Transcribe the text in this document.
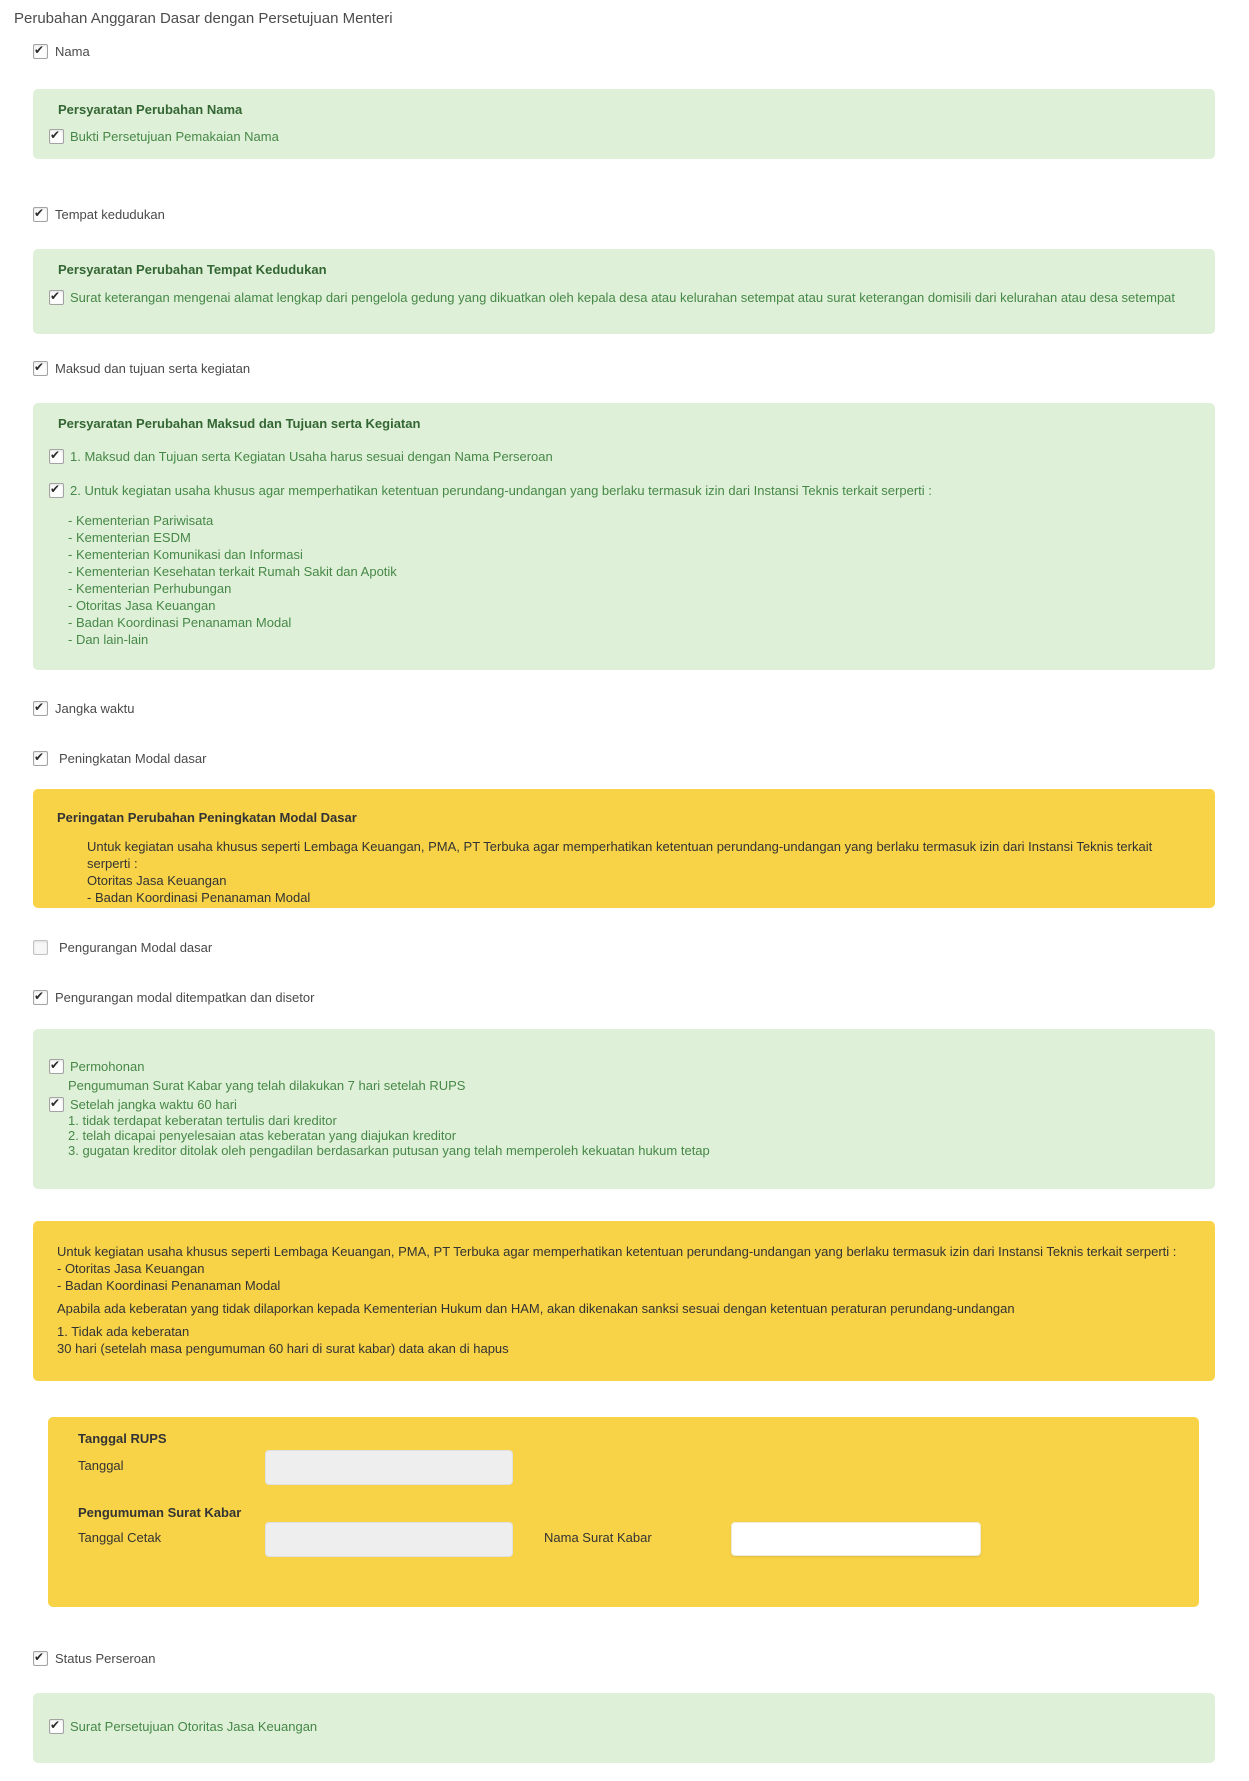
Perubahan Anggaran Dasar dengan Persetujuan Menteri
✔
Nama
Persyaratan Perubahan Nama
✔
Bukti Persetujuan Pemakaian Nama
✔
Tempat kedudukan
Persyaratan Perubahan Tempat Kedudukan
✔
Surat keterangan mengenai alamat lengkap dari pengelola gedung yang dikuatkan oleh kepala desa atau kelurahan setempat atau surat keterangan domisili dari kelurahan atau desa setempat
✔
Maksud dan tujuan serta kegiatan
Persyaratan Perubahan Maksud dan Tujuan serta Kegiatan
✔
1. Maksud dan Tujuan serta Kegiatan Usaha harus sesuai dengan Nama Perseroan
✔
2. Untuk kegiatan usaha khusus agar memperhatikan ketentuan perundang-undangan yang berlaku termasuk izin dari Instansi Teknis terkait serperti :

- Kementerian Pariwisata

- Kementerian ESDM

- Kementerian Komunikasi dan Informasi

- Kementerian Kesehatan terkait Rumah Sakit dan Apotik

- Kementerian Perhubungan

- Otoritas Jasa Keuangan

- Badan Koordinasi Penanaman Modal

- Dan lain-lain

✔
Jangka waktu
✔
Peningkatan Modal dasar
Peringatan Perubahan Peningkatan Modal Dasar

Untuk kegiatan usaha khusus seperti Lembaga Keuangan, PMA, PT Terbuka agar memperhatikan ketentuan perundang-undangan yang berlaku termasuk izin dari Instansi Teknis terkait serperti :

Otoritas Jasa Keuangan

- Badan Koordinasi Penanaman Modal

Pengurangan Modal dasar
✔
Pengurangan modal ditempatkan dan disetor
✔
Permohonan

Pengumuman Surat Kabar yang telah dilakukan 7 hari setelah RUPS

✔
Setelah jangka waktu 60 hari

1. tidak terdapat keberatan tertulis dari kreditor

2. telah dicapai penyelesaian atas keberatan yang diajukan kreditor

3. gugatan kreditor ditolak oleh pengadilan berdasarkan putusan yang telah memperoleh kekuatan hukum tetap

Untuk kegiatan usaha khusus seperti Lembaga Keuangan, PMA, PT Terbuka agar memperhatikan ketentuan perundang-undangan yang berlaku termasuk izin dari Instansi Teknis terkait serperti :

- Otoritas Jasa Keuangan

- Badan Koordinasi Penanaman Modal

Apabila ada keberatan yang tidak dilaporkan kepada Kementerian Hukum dan HAM, akan dikenakan sanksi sesuai dengan ketentuan peraturan perundang-undangan

1. Tidak ada keberatan

30 hari (setelah masa pengumuman 60 hari di surat kabar) data akan di hapus

Tanggal RUPS
Tanggal
Pengumuman Surat Kabar
Tanggal Cetak	Nama Surat Kabar
✔
Status Perseroan
✔
Surat Persetujuan Otoritas Jasa Keuangan
